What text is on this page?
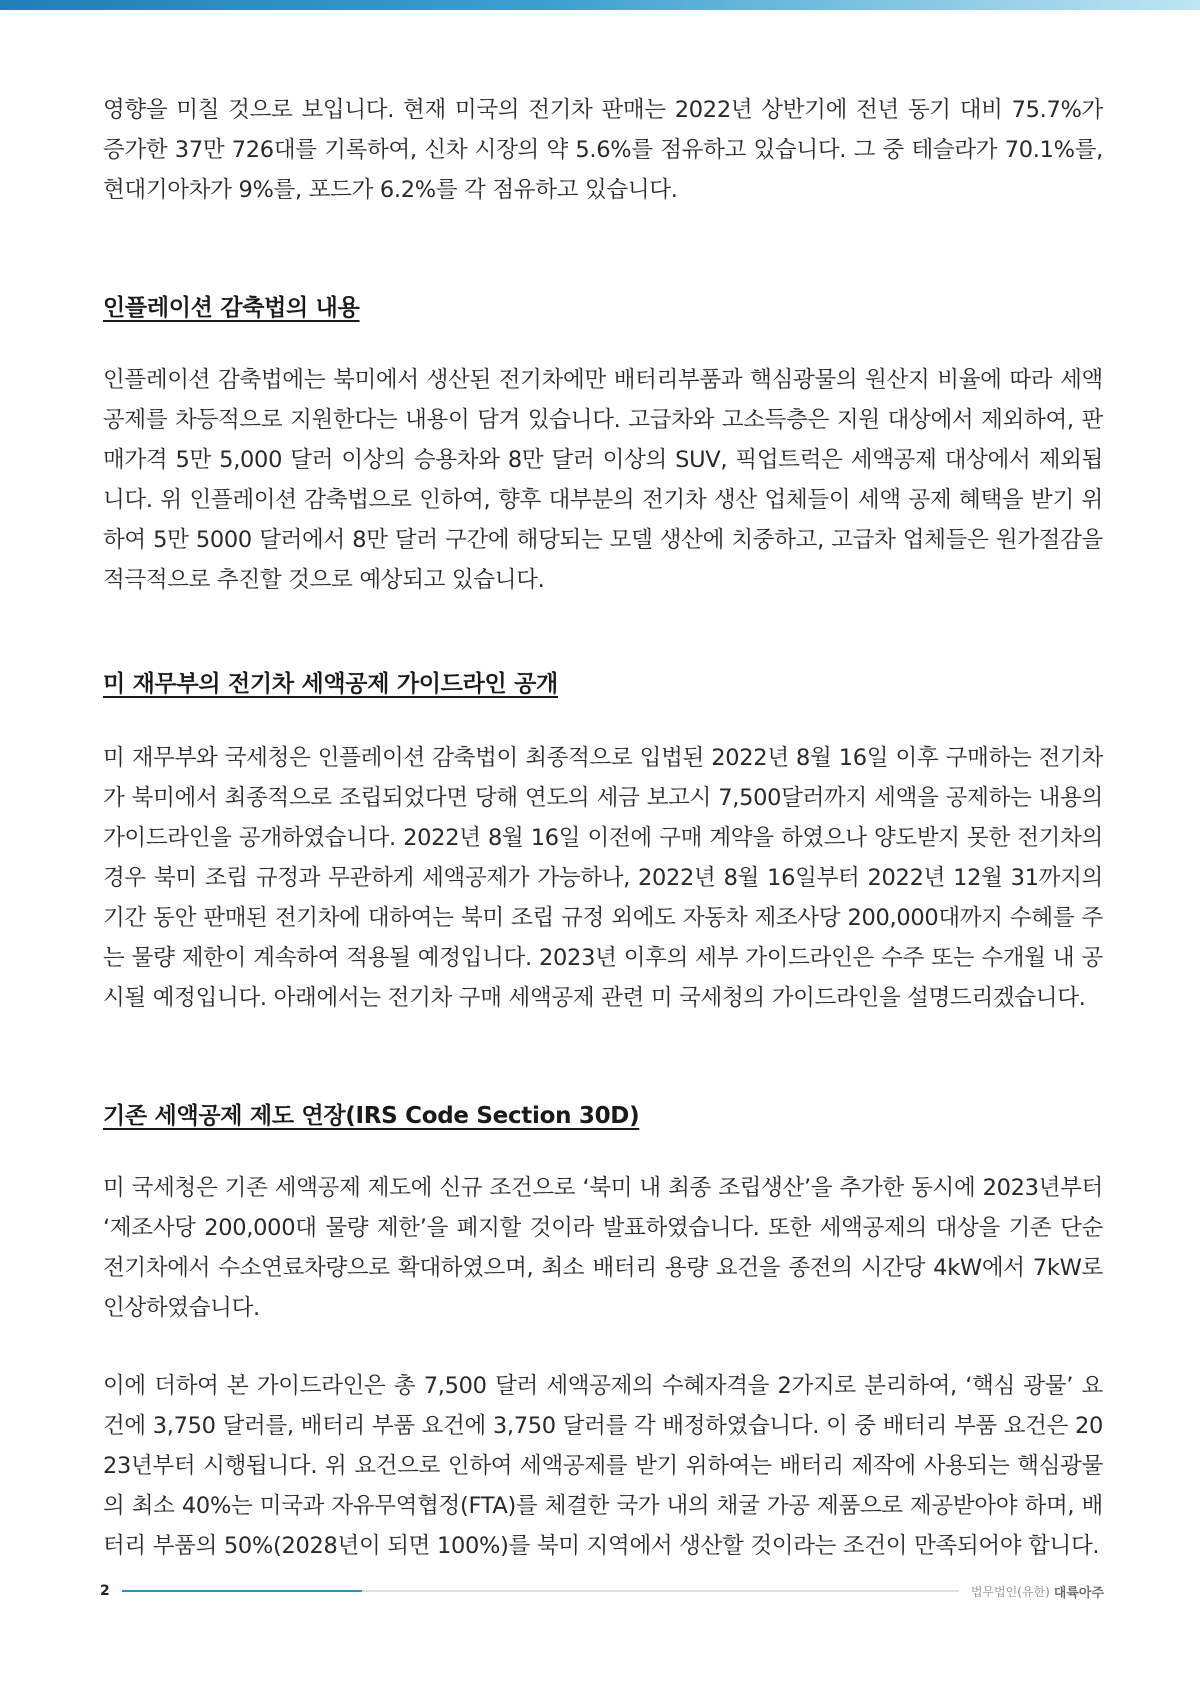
영향을 미칠 것으로 보입니다. 현재 미국의 전기차 판매는 2022년 상반기에 전년 동기 대비 75.7%가 증가한 37만 726대를 기록하여, 신차 시장의 약 5.6%를 점유하고 있습니다. 그 중 테슬라가 70.1%를, 현대기아차가 9%를, 포드가 6.2%를 각 점유하고 있습니다.

인플레이션 감축법의 내용

인플레이션 감축법에는 북미에서 생산된 전기차에만 배터리부품과 핵심광물의 원산지 비율에 따라 세액공제를 차등적으로 지원한다는 내용이 담겨 있습니다. 고급차와 고소득층은 지원 대상에서 제외하여, 판매가격 5만 5,000 달러 이상의 승용차와 8만 달러 이상의 SUV, 픽업트럭은 세액공제 대상에서 제외됩니다. 위 인플레이션 감축법으로 인하여, 향후 대부분의 전기차 생산 업체들이 세액 공제 혜택을 받기 위하여 5만 5000 달러에서 8만 달러 구간에 해당되는 모델 생산에 치중하고, 고급차 업체들은 원가절감을 적극적으로 추진할 것으로 예상되고 있습니다.

미 재무부의 전기차 세액공제 가이드라인 공개

미 재무부와 국세청은 인플레이션 감축법이 최종적으로 입법된 2022년 8월 16일 이후 구매하는 전기차가 북미에서 최종적으로 조립되었다면 당해 연도의 세금 보고시 7,500달러까지 세액을 공제하는 내용의 가이드라인을 공개하였습니다. 2022년 8월 16일 이전에 구매 계약을 하였으나 양도받지 못한 전기차의 경우 북미 조립 규정과 무관하게 세액공제가 가능하나, 2022년 8월 16일부터 2022년 12월 31까지의 기간 동안 판매된 전기차에 대하여는 북미 조립 규정 외에도 자동차 제조사당 200,000대까지 수혜를 주는 물량 제한이 계속하여 적용될 예정입니다. 2023년 이후의 세부 가이드라인은 수주 또는 수개월 내 공시될 예정입니다. 아래에서는 전기차 구매 세액공제 관련 미 국세청의 가이드라인을 설명드리겠습니다.

기존 세액공제 제도 연장(IRS Code Section 30D)

미 국세청은 기존 세액공제 제도에 신규 조건으로 ‘북미 내 최종 조립생산’을 추가한 동시에 2023년부터 ‘제조사당 200,000대 물량 제한’을 폐지할 것이라 발표하였습니다. 또한 세액공제의 대상을 기존 단순 전기차에서 수소연료차량으로 확대하였으며, 최소 배터리 용량 요건을 종전의 시간당 4kW에서 7kW로 인상하였습니다.

이에 더하여 본 가이드라인은 총 7,500 달러 세액공제의 수혜자격을 2가지로 분리하여, ‘핵심 광물’ 요건에 3,750 달러를, 배터리 부품 요건에 3,750 달러를 각 배정하였습니다. 이 중 배터리 부품 요건은 2023년부터 시행됩니다. 위 요건으로 인하여 세액공제를 받기 위하여는 배터리 제작에 사용되는 핵심광물의 최소 40%는 미국과 자유무역협정(FTA)를 체결한 국가 내의 채굴 가공 제품으로 제공받아야 하며, 배터리 부품의 50%(2028년이 되면 100%)를 북미 지역에서 생산할 것이라는 조건이 만족되어야 합니다.

2	법무법인(유한) 대륙아주
